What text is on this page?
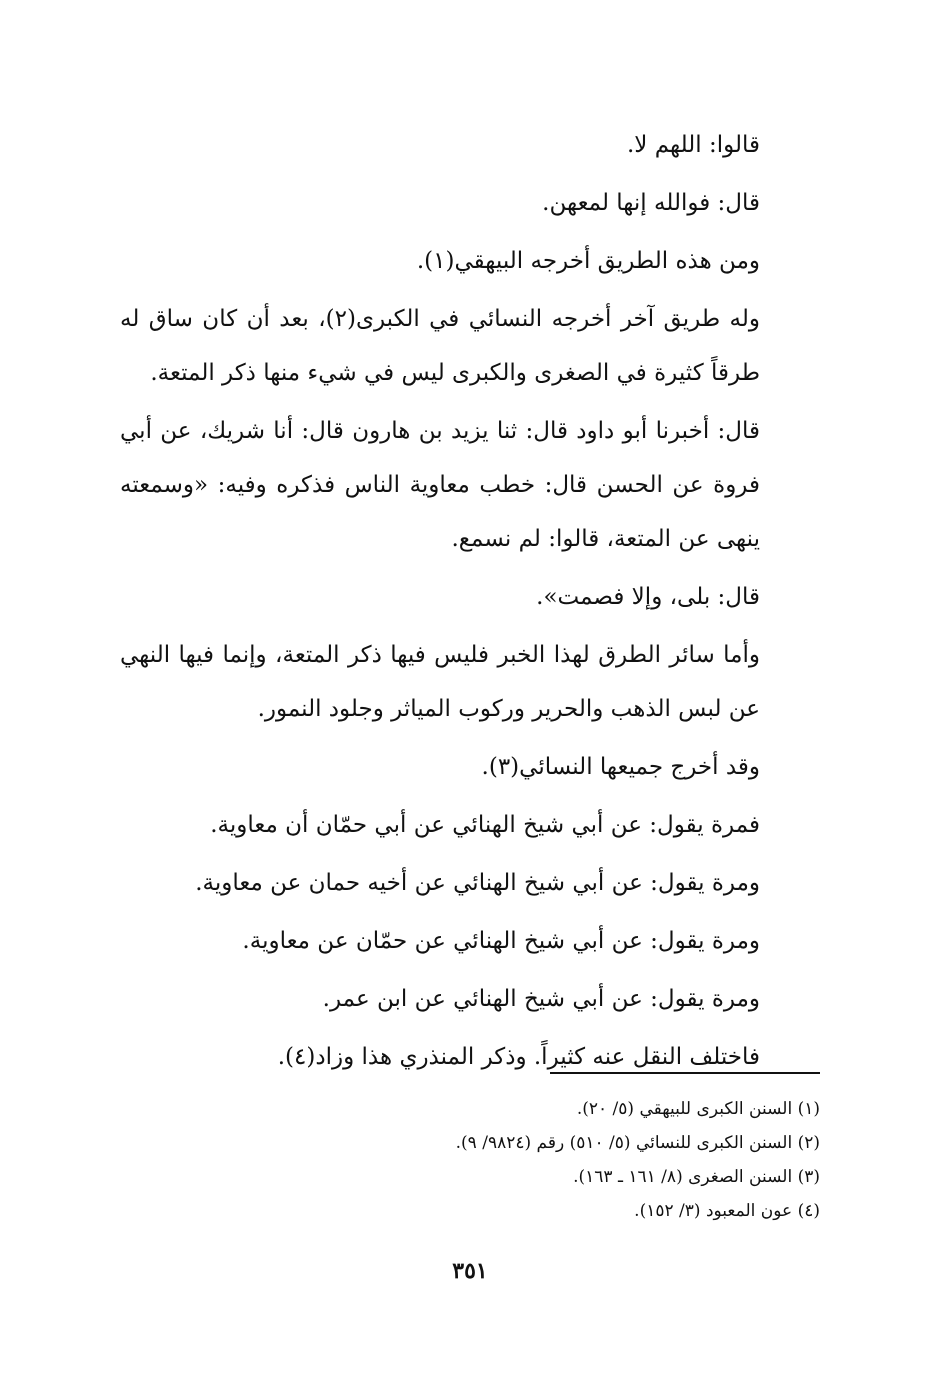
قالوا: اللهم لا.

قال: فوالله إنها لمعهن.

ومن هذه الطريق أخرجه البيهقي(١).

وله طريق آخر أخرجه النسائي في الكبرى(٢)، بعد أن كان ساق له طرقاً كثيرة في الصغرى والكبرى ليس في شيء منها ذكر المتعة.

قال: أخبرنا أبو داود قال: ثنا يزيد بن هارون قال: أنا شريك، عن أبي فروة عن الحسن قال: خطب معاوية الناس فذكره وفيه: «وسمعته ينهى عن المتعة، قالوا: لم نسمع.

قال: بلى، وإلا فصمت».

وأما سائر الطرق لهذا الخبر فليس فيها ذكر المتعة، وإنما فيها النهي عن لبس الذهب والحرير وركوب المياثر وجلود النمور.

وقد أخرج جميعها النسائي(٣).

فمرة يقول: عن أبي شيخ الهنائي عن أبي حمّان أن معاوية.

ومرة يقول: عن أبي شيخ الهنائي عن أخيه حمان عن معاوية.

ومرة يقول: عن أبي شيخ الهنائي عن حمّان عن معاوية.

ومرة يقول: عن أبي شيخ الهنائي عن ابن عمر.

فاختلف النقل عنه كثيراً. وذكر المنذري هذا وزاد(٤).

(١) السنن الكبرى للبيهقي (٥/ ٢٠).

(٢) السنن الكبرى للنسائي (٥/ ٥١٠) رقم (٩٨٢٤/ ٩).

(٣) السنن الصغرى (٨/ ١٦١ ـ ١٦٣).

(٤) عون المعبود (٣/ ١٥٢).

٣٥١
